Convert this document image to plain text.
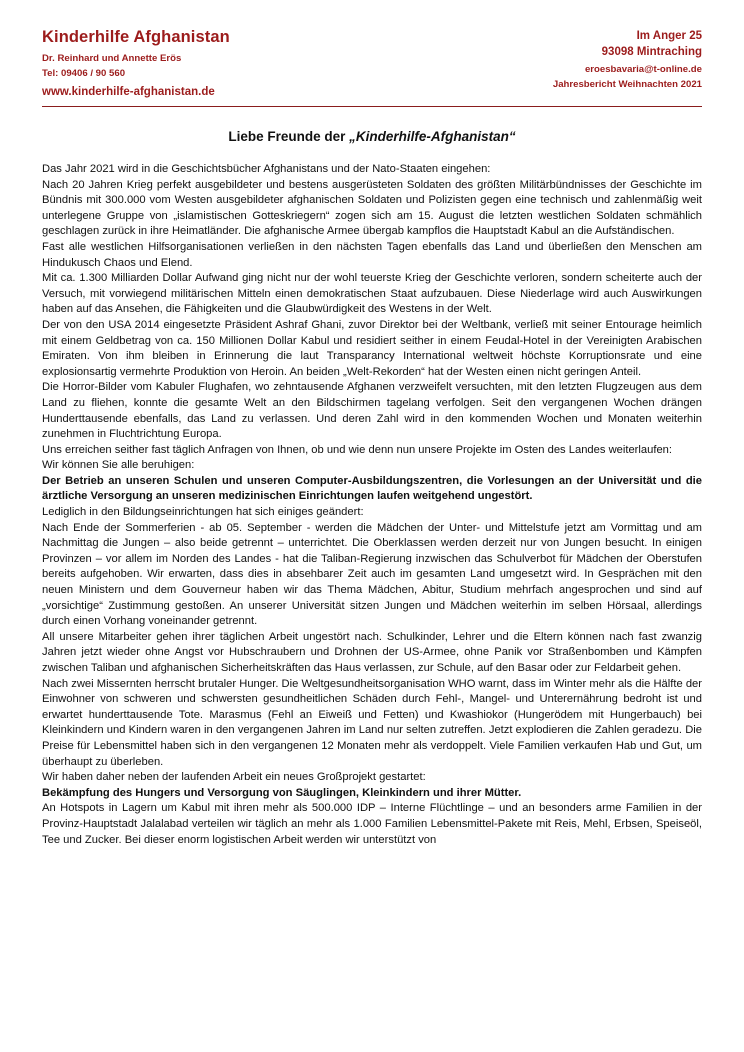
Kinderhilfe Afghanistan
Dr. Reinhard und Annette Erös
Tel: 09406 / 90 560
www.kinderhilfe-afghanistan.de
Im Anger 25
93098 Mintraching
eroesbavaria@t-online.de
Jahresbericht Weihnachten 2021
Liebe Freunde der „Kinderhilfe-Afghanistan“

Das Jahr 2021 wird in die Geschichtsbücher Afghanistans und der Nato-Staaten eingehen:

Nach 20 Jahren Krieg perfekt ausgebildeter und bestens ausgerüsteten Soldaten des größten Militärbündnisses der Geschichte im Bündnis mit 300.000 vom Westen ausgebildeter afghanischen Soldaten und Polizisten gegen eine technisch und zahlenmäßig weit unterlegene Gruppe von „islamistischen Gotteskriegern“ zogen sich am 15. August die letzten westlichen Soldaten schmählich geschlagen zurück in ihre Heimatländer. Die afghanische Armee übergab kampflos die Hauptstadt Kabul an die Aufständischen.

Fast alle westlichen Hilfsorganisationen verließen in den nächsten Tagen ebenfalls das Land und überließen den Menschen am Hindukusch Chaos und Elend.

Mit ca. 1.300 Milliarden Dollar Aufwand ging nicht nur der wohl teuerste Krieg der Geschichte verloren, sondern scheiterte auch der Versuch, mit vorwiegend militärischen Mitteln einen demokratischen Staat aufzubauen. Diese Niederlage wird auch Auswirkungen haben auf das Ansehen, die Fähigkeiten und die Glaubwürdigkeit des Westens in der Welt.

Der von den USA 2014 eingesetzte Präsident Ashraf Ghani, zuvor Direktor bei der Weltbank, verließ mit seiner Entourage heimlich mit einem Geldbetrag von ca. 150 Millionen Dollar Kabul und residiert seither in einem Feudal-Hotel in der Vereinigten Arabischen Emiraten. Von ihm bleiben in Erinnerung die laut Transparancy International weltweit höchste Korruptionsrate und eine explosionsartig vermehrte Produktion von Heroin. An beiden „Welt-Rekorden“ hat der Westen einen nicht geringen Anteil.

Die Horror-Bilder vom Kabuler Flughafen, wo zehntausende Afghanen verzweifelt versuchten, mit den letzten Flugzeugen aus dem Land zu fliehen, konnte die gesamte Welt an den Bildschirmen tagelang verfolgen. Seit den vergangenen Wochen drängen Hunderttausende ebenfalls, das Land zu verlassen. Und deren Zahl wird in den kommenden Wochen und Monaten weiterhin zunehmen in Fluchtrichtung Europa.

Uns erreichen seither fast täglich Anfragen von Ihnen, ob und wie denn nun unsere Projekte im Osten des Landes weiterlaufen:

Wir können Sie alle beruhigen:

Der Betrieb an unseren Schulen und unseren Computer-Ausbildungszentren, die Vorlesungen an der Universität und die ärztliche Versorgung an unseren medizinischen Einrichtungen laufen weitgehend ungestört.

Lediglich in den Bildungseinrichtungen hat sich einiges geändert:

Nach Ende der Sommerferien - ab 05. September - werden die Mädchen der Unter- und Mittelstufe jetzt am Vormittag und am Nachmittag die Jungen – also beide getrennt – unterrichtet. Die Oberklassen werden derzeit nur von Jungen besucht. In einigen Provinzen – vor allem im Norden des Landes - hat die Taliban-Regierung inzwischen das Schulverbot für Mädchen der Oberstufen bereits aufgehoben. Wir erwarten, dass dies in absehbarer Zeit auch im gesamten Land umgesetzt wird. In Gesprächen mit den neuen Ministern und dem Gouverneur haben wir das Thema Mädchen, Abitur, Studium mehrfach angesprochen und sind auf „vorsichtige“ Zustimmung gestoßen. An unserer Universität sitzen Jungen und Mädchen weiterhin im selben Hörsaal, allerdings durch einen Vorhang voneinander getrennt.

All unsere Mitarbeiter gehen ihrer täglichen Arbeit ungestört nach. Schulkinder, Lehrer und die Eltern können nach fast zwanzig Jahren jetzt wieder ohne Angst vor Hubschraubern und Drohnen der US-Armee, ohne Panik vor Straßenbomben und Kämpfen zwischen Taliban und afghanischen Sicherheitskräften das Haus verlassen, zur Schule, auf den Basar oder zur Feldarbeit gehen.

Nach zwei Missernten herrscht brutaler Hunger. Die Weltgesundheitsorganisation WHO warnt, dass im Winter mehr als die Hälfte der Einwohner von schweren und schwersten gesundheitlichen Schäden durch Fehl-, Mangel- und Unterernährung bedroht ist und erwartet hunderttausende Tote. Marasmus (Fehl an Eiweiß und Fetten) und Kwashiokor (Hungerödem mit Hungerbauch) bei Kleinkindern und Kindern waren in den vergangenen Jahren im Land nur selten zutreffen. Jetzt explodieren die Zahlen geradezu. Die Preise für Lebensmittel haben sich in den vergangenen 12 Monaten mehr als verdoppelt. Viele Familien verkaufen Hab und Gut, um überhaupt zu überleben.

Wir haben daher neben der laufenden Arbeit ein neues Großprojekt gestartet:

Bekämpfung des Hungers und Versorgung von Säuglingen, Kleinkindern und ihrer Mütter.

An Hotspots in Lagern um Kabul mit ihren mehr als 500.000 IDP – Interne Flüchtlinge – und an besonders arme Familien in der Provinz-Hauptstadt Jalalabad verteilen wir täglich an mehr als 1.000 Familien Lebensmittel-Pakete mit Reis, Mehl, Erbsen, Speiseöl, Tee und Zucker. Bei dieser enorm logistischen Arbeit werden wir unterstützt von
